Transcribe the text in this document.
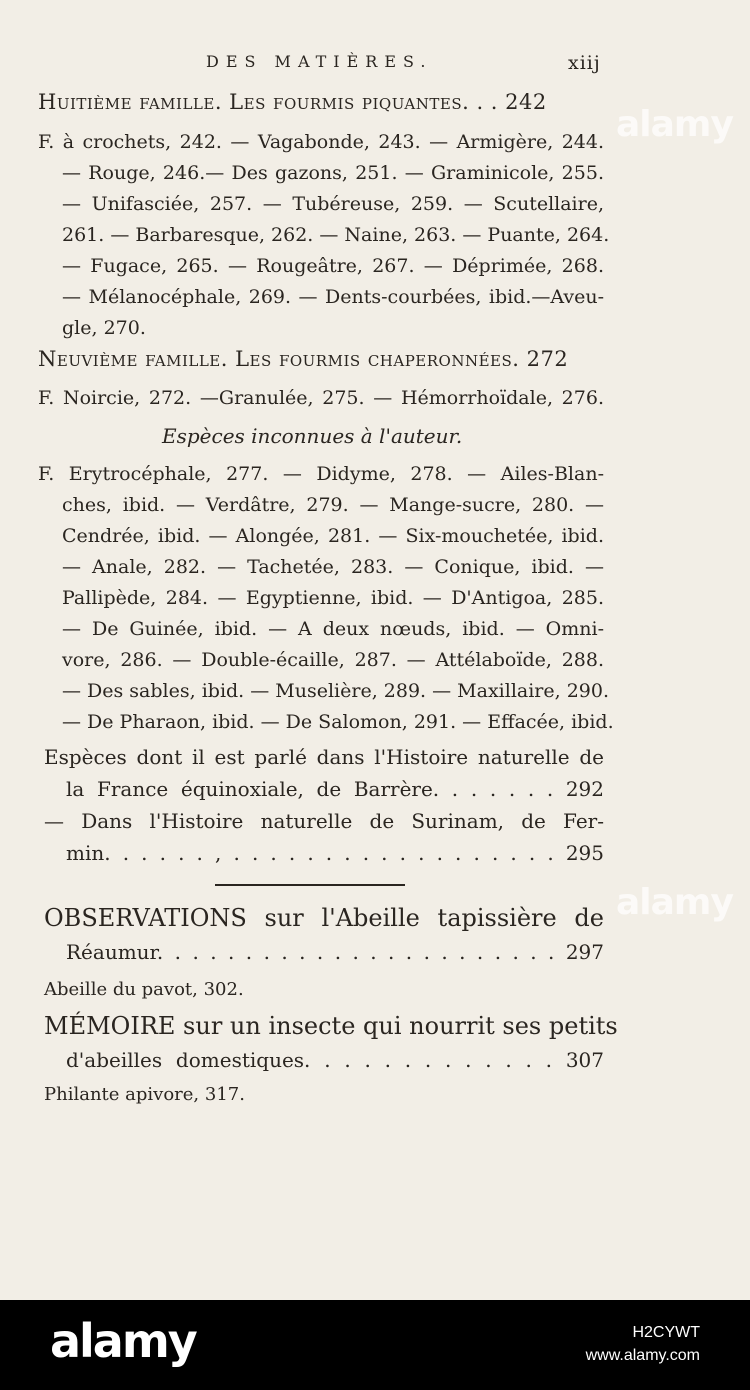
DES MATIÈRES.	xiij
alamy
alamy
Huitième famille. Les fourmis piquantes. . . 242
F. à crochets, 242. — Vagabonde, 243. — Armigère, 244.
— Rouge, 246.— Des gazons, 251. — Graminicole, 255.
— Unifasciée, 257. — Tubéreuse, 259. — Scutellaire,
261. — Barbaresque, 262. — Naine, 263. — Puante, 264.
— Fugace, 265. — Rougeâtre, 267. — Déprimée, 268.
— Mélanocéphale, 269. — Dents-courbées, ibid.—Aveu-
gle, 270.
Neuvième famille. Les fourmis chaperonnées. 272
F. Noircie, 272. —Granulée, 275. — Hémorrhoïdale, 276.
Espèces inconnues à l'auteur.
F. Erytrocéphale, 277. — Didyme, 278. — Ailes-Blan-
ches, ibid. — Verdâtre, 279. — Mange-sucre, 280. —
Cendrée, ibid. — Alongée, 281. — Six-mouchetée, ibid.
— Anale, 282. — Tachetée, 283. — Conique, ibid. —
Pallipède, 284. — Egyptienne, ibid. — D'Antigoa, 285.
— De Guinée, ibid. — A deux nœuds, ibid. — Omni-
vore, 286. — Double-écaille, 287. — Attélaboïde, 288.
— Des sables, ibid. — Muselière, 289. — Maxillaire, 290.
— De Pharaon, ibid. — De Salomon, 291. — Effacée, ibid.
Espèces dont il est parlé dans l'Histoire naturelle de
la France équinoxiale, de Barrère. . . . . . . 292
— Dans l'Histoire naturelle de Surinam, de Fer-
min. . . . . . , . . . . . . . . . . . . . . . . . . 295
OBSERVATIONS sur l'Abeille tapissière de
Réaumur. . . . . . . . . . . . . . . . . . . . . . . 297
Abeille du pavot, 302.
MÉMOIRE sur un insecte qui nourrit ses petits
d'abeilles domestiques. . . . . . . . . . . . . 307
Philante apivore, 317.
alamy	H2CYWT
www.alamy.com
